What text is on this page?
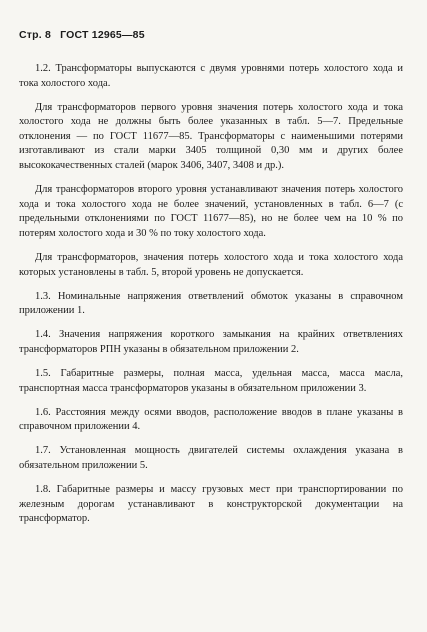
Стр. 8 ГОСТ 12965—85

1.2. Трансформаторы выпускаются с двумя уровнями потерь холостого хода и тока холостого хода.

Для трансформаторов первого уровня значения потерь холостого хода и тока холостого хода не должны быть более указанных в табл. 5—7. Предельные отклонения — по ГОСТ 11677—85. Трансформаторы с наименьшими потерями изготавливают из стали марки 3405 толщиной 0,30 мм и других более высококачественных сталей (марок 3406, 3407, 3408 и др.).

Для трансформаторов второго уровня устанавливают значения потерь холостого хода и тока холостого хода не более значений, установленных в табл. 6—7 (с предельными отклонениями по ГОСТ 11677—85), но не более чем на 10 % по потерям холостого хода и 30 % по току холостого хода.

Для трансформаторов, значения потерь холостого хода и тока холостого хода которых установлены в табл. 5, второй уровень не допускается.

1.3. Номинальные напряжения ответвлений обмоток указаны в справочном приложении 1.

1.4. Значения напряжения короткого замыкания на крайних ответвлениях трансформаторов РПН указаны в обязательном приложении 2.

1.5. Габаритные размеры, полная масса, удельная масса, масса масла, транспортная масса трансформаторов указаны в обязательном приложении 3.

1.6. Расстояния между осями вводов, расположение вводов в плане указаны в справочном приложении 4.

1.7. Установленная мощность двигателей системы охлаждения указана в обязательном приложении 5.

1.8. Габаритные размеры и массу грузовых мест при транспортировании по железным дорогам устанавливают в конструкторской документации на трансформатор.
